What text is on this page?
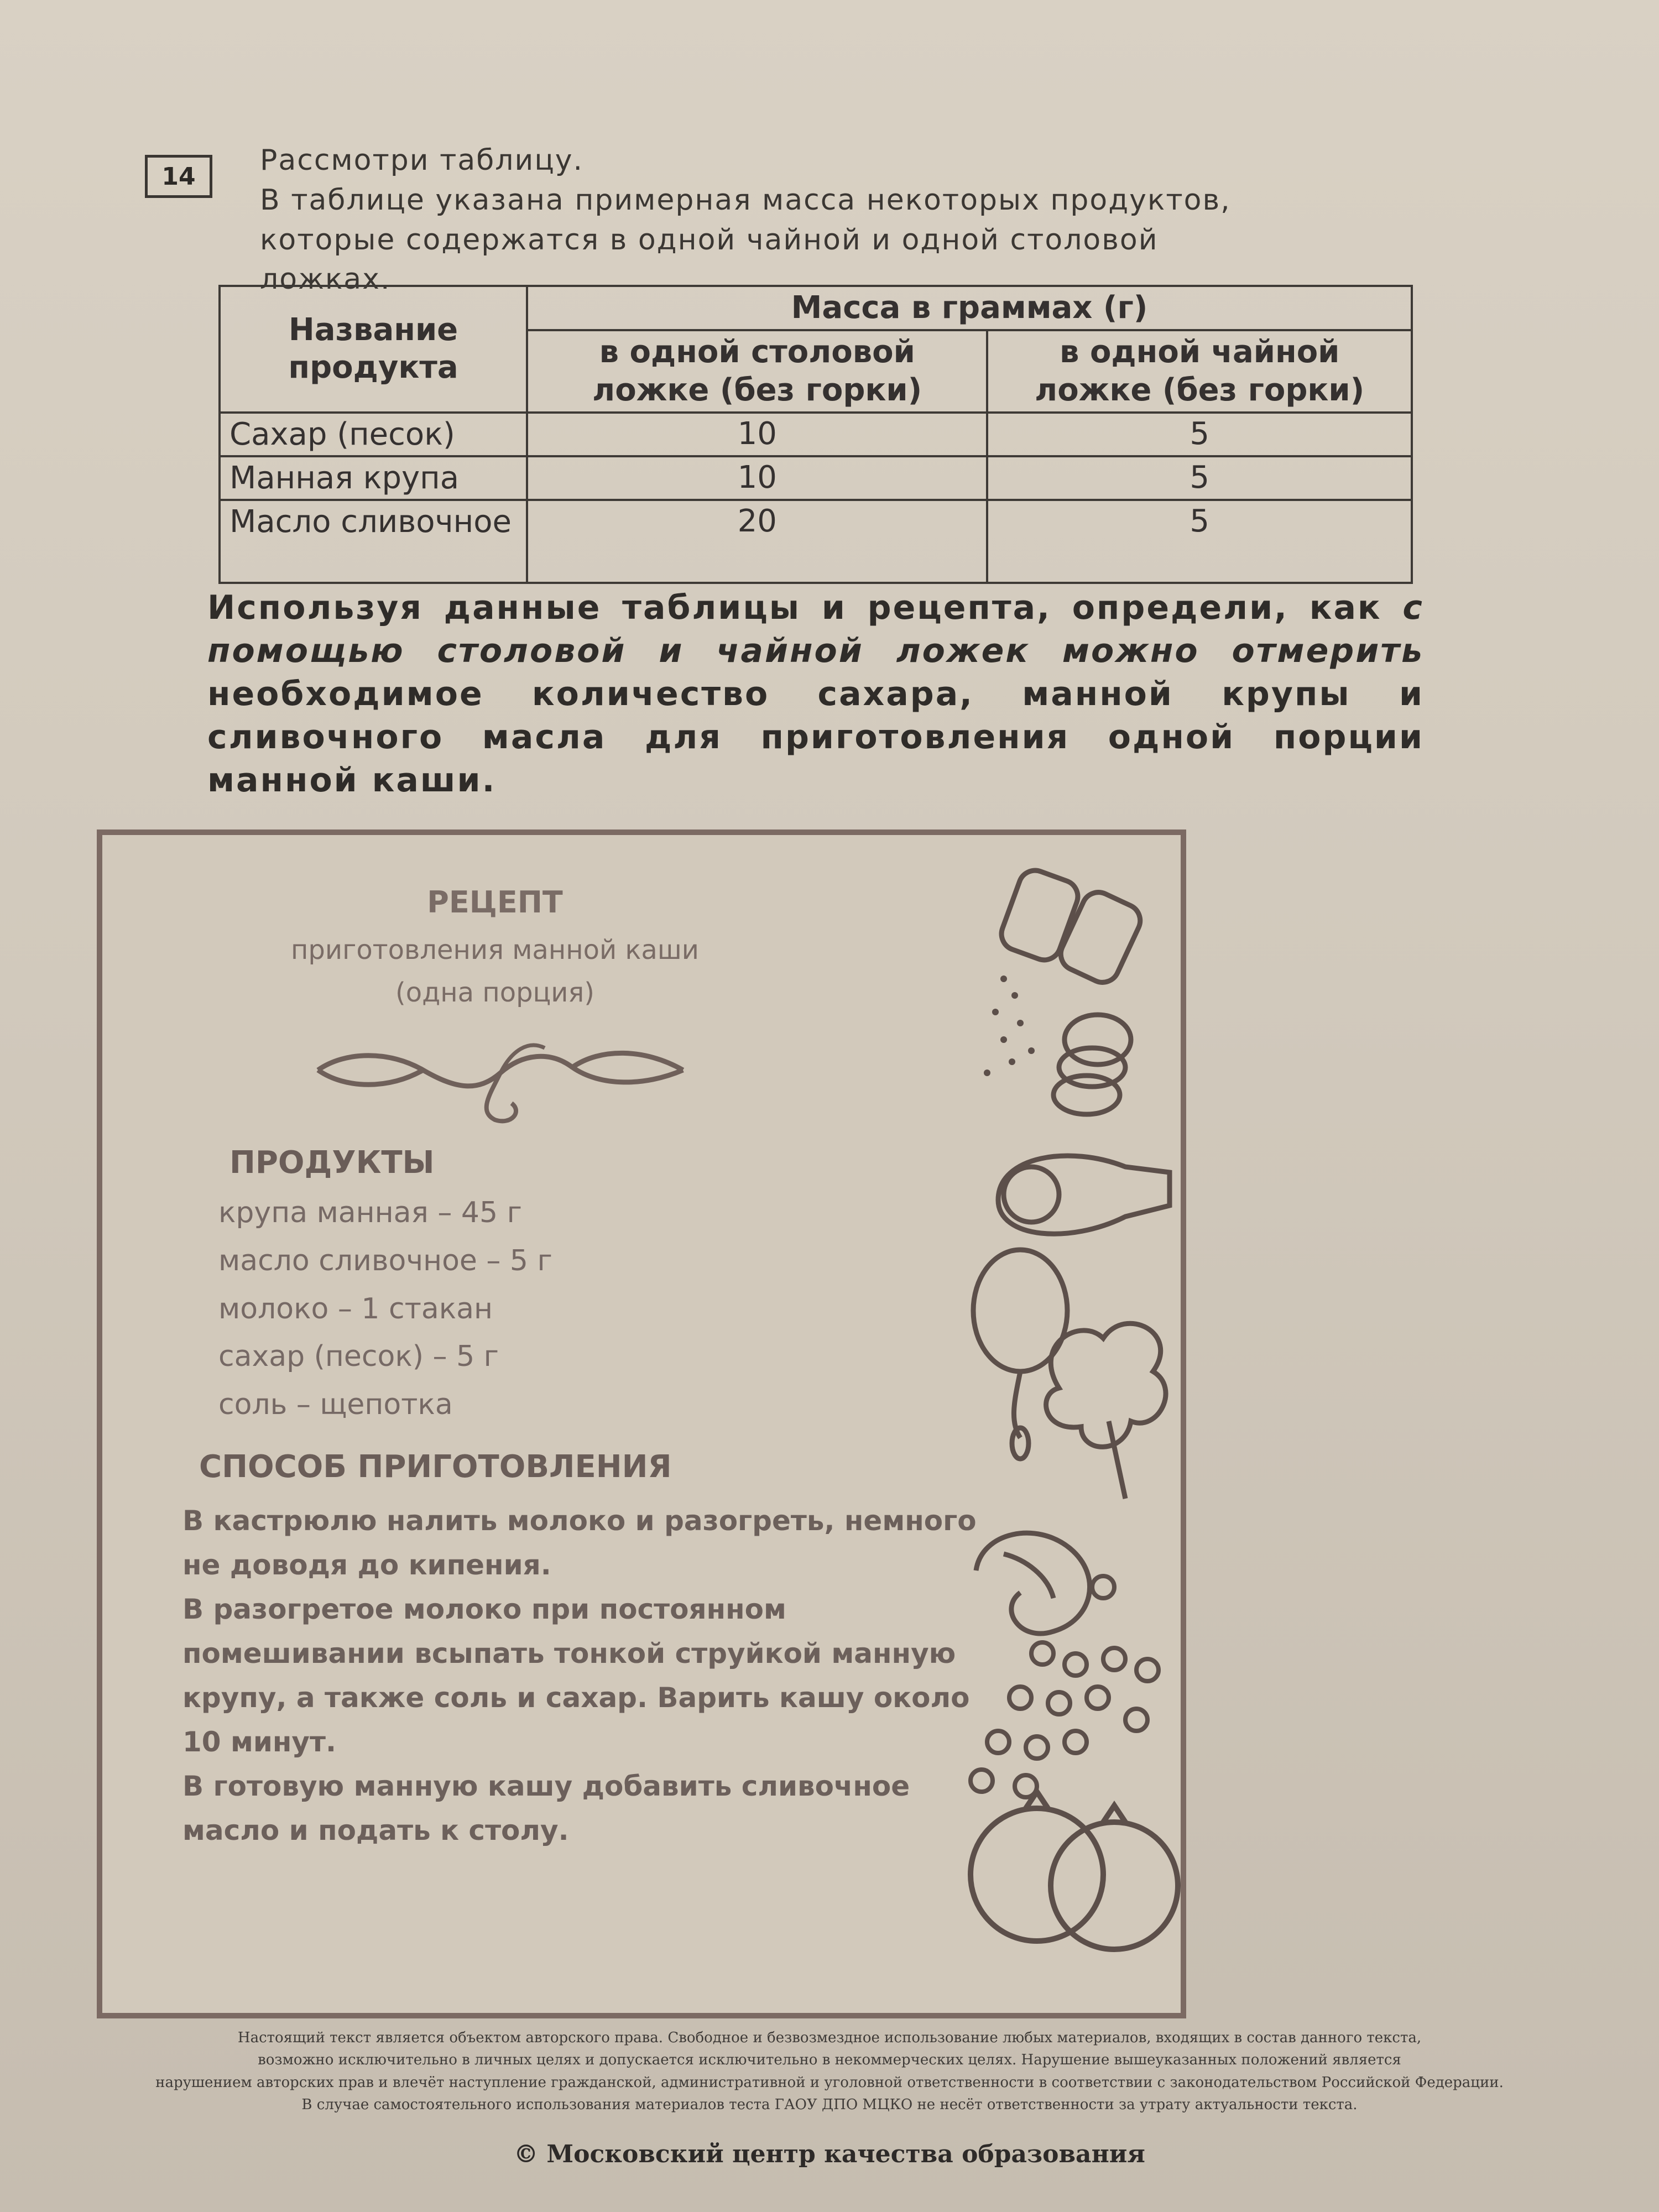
14	Рассмотри таблицу.

В таблице указана примерная масса некоторых продуктов,

которые содержатся в одной чайной и одной столовой

ложках.

Название продукта	Масса в граммах (г)	
	в одной столовой ложке (без горки)	в одной чайной ложке (без горки)
Сахар (песок)	10	5
Манная крупа	10	5
Масло сливочное	20	5
Используя данные таблицы и рецепта, определи, как с помощью столовой и чайной ложек можно отмерить необходимое количество сахара, манной крупы и сливочного масла для приготовления одной порции манной каши.
РЕЦЕПТ
приготовления манной каши
(одна порция)
ПРОДУКТЫ
крупа манная – 45 г
масло сливочное – 5 г
молоко – 1 стакан
сахар (песок) – 5 г
соль – щепотка
СПОСОБ ПРИГОТОВЛЕНИЯ

В кастрюлю налить молоко и разогреть, немного не доводя до кипения.

В разогретое молоко при постоянном помешивании всыпать тонкой струйкой манную крупу, а также соль и сахар. Варить кашу около 10 минут.

В готовую манную кашу добавить сливочное масло и подать к столу.

Настоящий текст является объектом авторского права. Свободное и безвозмездное использование любых материалов, входящих в состав данного текста,
возможно исключительно в личных целях и допускается исключительно в некоммерческих целях. Нарушение вышеуказанных положений является
нарушением авторских прав и влечёт наступление гражданской, административной и уголовной ответственности в соответствии с законодательством Российской Федерации.
В случае самостоятельного использования материалов теста ГАОУ ДПО МЦКО не несёт ответственности за утрату актуальности текста.
© Московский центр качества образования
